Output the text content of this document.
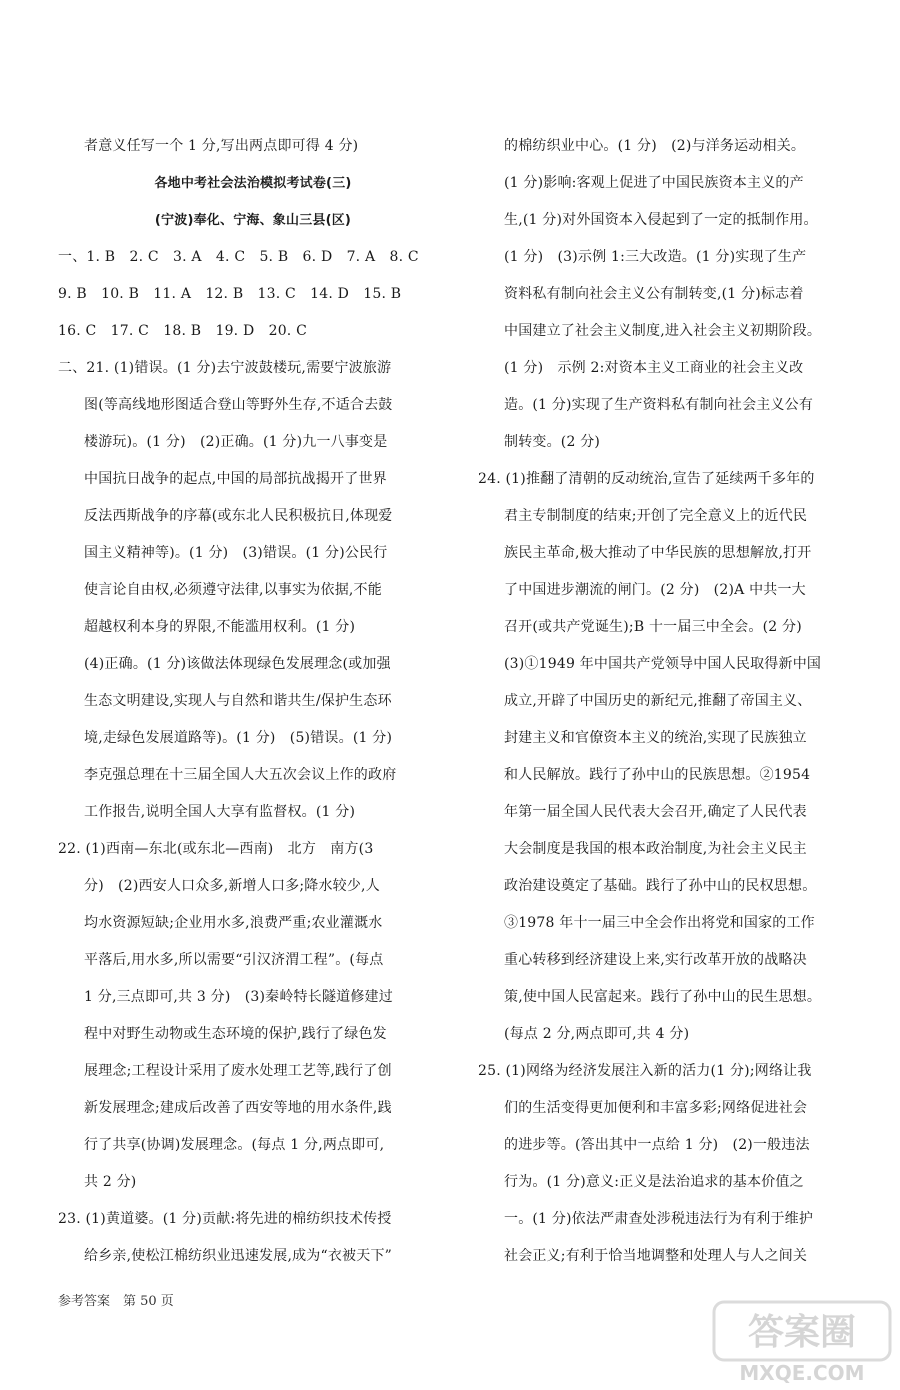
者意义任写一个 1 分,写出两点即可得 4 分)
各地中考社会法治模拟考试卷(三)
(宁波)奉化、宁海、象山三县(区)
一、1. B　2. C　3. A　4. C　5. B　6. D　7. A　8. C
9. B　10. B　11. A　12. B　13. C　14. D　15. B
16. C　17. C　18. B　19. D　20. C
二、21. (1)错误。(1 分)去宁波鼓楼玩,需要宁波旅游
图(等高线地形图适合登山等野外生存,不适合去鼓
楼游玩)。(1 分)　(2)正确。(1 分)九一八事变是
中国抗日战争的起点,中国的局部抗战揭开了世界
反法西斯战争的序幕(或东北人民积极抗日,体现爱
国主义精神等)。(1 分)　(3)错误。(1 分)公民行
使言论自由权,必须遵守法律,以事实为依据,不能
超越权利本身的界限,不能滥用权利。(1 分)
(4)正确。(1 分)该做法体现绿色发展理念(或加强
生态文明建设,实现人与自然和谐共生/保护生态环
境,走绿色发展道路等)。(1 分)　(5)错误。(1 分)
李克强总理在十三届全国人大五次会议上作的政府
工作报告,说明全国人大享有监督权。(1 分)
22. (1)西南—东北(或东北—西南)　北方　南方(3
分)　(2)西安人口众多,新增人口多;降水较少,人
均水资源短缺;企业用水多,浪费严重;农业灌溉水
平落后,用水多,所以需要“引汉济渭工程”。(每点
1 分,三点即可,共 3 分)　(3)秦岭特长隧道修建过
程中对野生动物或生态环境的保护,践行了绿色发
展理念;工程设计采用了废水处理工艺等,践行了创
新发展理念;建成后改善了西安等地的用水条件,践
行了共享(协调)发展理念。(每点 1 分,两点即可,
共 2 分)
23. (1)黄道婆。(1 分)贡献:将先进的棉纺织技术传授
给乡亲,使松江棉纺织业迅速发展,成为“衣被天下”
的棉纺织业中心。(1 分)　(2)与洋务运动相关。
(1 分)影响:客观上促进了中国民族资本主义的产
生,(1 分)对外国资本入侵起到了一定的抵制作用。
(1 分)　(3)示例 1:三大改造。(1 分)实现了生产
资料私有制向社会主义公有制转变,(1 分)标志着
中国建立了社会主义制度,进入社会主义初期阶段。
(1 分)　示例 2:对资本主义工商业的社会主义改
造。(1 分)实现了生产资料私有制向社会主义公有
制转变。(2 分)
24. (1)推翻了清朝的反动统治,宣告了延续两千多年的
君主专制制度的结束;开创了完全意义上的近代民
族民主革命,极大推动了中华民族的思想解放,打开
了中国进步潮流的闸门。(2 分)　(2)A 中共一大
召开(或共产党诞生);B 十一届三中全会。(2 分)
(3)①1949 年中国共产党领导中国人民取得新中国
成立,开辟了中国历史的新纪元,推翻了帝国主义、
封建主义和官僚资本主义的统治,实现了民族独立
和人民解放。践行了孙中山的民族思想。②1954
年第一届全国人民代表大会召开,确定了人民代表
大会制度是我国的根本政治制度,为社会主义民主
政治建设奠定了基础。践行了孙中山的民权思想。
③1978 年十一届三中全会作出将党和国家的工作
重心转移到经济建设上来,实行改革开放的战略决
策,使中国人民富起来。践行了孙中山的民生思想。
(每点 2 分,两点即可,共 4 分)
25. (1)网络为经济发展注入新的活力(1 分);网络让我
们的生活变得更加便利和丰富多彩;网络促进社会
的进步等。(答出其中一点给 1 分)　(2)一般违法
行为。(1 分)意义:正义是法治追求的基本价值之
一。(1 分)依法严肃查处涉税违法行为有利于维护
社会正义;有利于恰当地调整和处理人与人之间关
参考答案　第 50 页
答案圈
MXQE.COM
